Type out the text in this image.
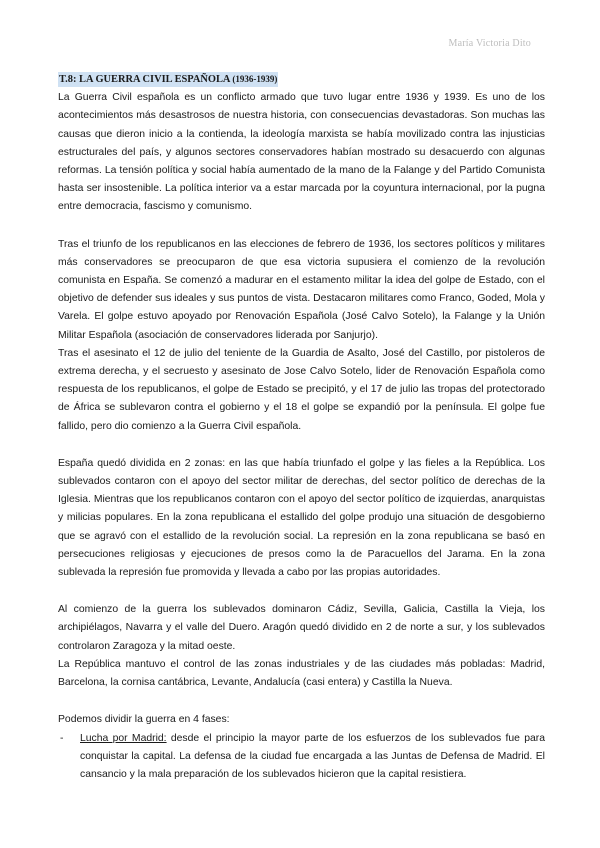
María Victoria Dito
T.8: LA GUERRA CIVIL ESPAÑOLA (1936-1939)

La Guerra Civil española es un conflicto armado que tuvo lugar entre 1936 y 1939. Es uno de los acontecimientos más desastrosos de nuestra historia, con consecuencias devastadoras. Son muchas las causas que dieron inicio a la contienda, la ideología marxista se había movilizado contra las injusticias estructurales del país, y algunos sectores conservadores habían mostrado su desacuerdo con algunas reformas. La tensión política y social había aumentado de la mano de la Falange y del Partido Comunista hasta ser insostenible. La política interior va a estar marcada por la coyuntura internacional, por la pugna entre democracia, fascismo y comunismo.

Tras el triunfo de los republicanos en las elecciones de febrero de 1936, los sectores políticos y militares más conservadores se preocuparon de que esa victoria supusiera el comienzo de la revolución comunista en España. Se comenzó a madurar en el estamento militar la idea del golpe de Estado, con el objetivo de defender sus ideales y sus puntos de vista. Destacaron militares como Franco, Goded, Mola y Varela. El golpe estuvo apoyado por Renovación Española (José Calvo Sotelo), la Falange y la Unión Militar Española (asociación de conservadores liderada por Sanjurjo).

Tras el asesinato el 12 de julio del teniente de la Guardia de Asalto, José del Castillo, por pistoleros de extrema derecha, y el secruesto y asesinato de Jose Calvo Sotelo, lider de Renovación Española como respuesta de los republicanos, el golpe de Estado se precipitó, y el 17 de julio las tropas del protectorado de África se sublevaron contra el gobierno y el 18 el golpe se expandió por la península. El golpe fue fallido, pero dio comienzo a la Guerra Civil española.

España quedó dividida en 2 zonas: en las que había triunfado el golpe y las fieles a la República. Los sublevados contaron con el apoyo del sector militar de derechas, del sector político de derechas de la Iglesia. Mientras que los republicanos contaron con el apoyo del sector político de izquierdas, anarquistas y milicias populares. En la zona republicana el estallido del golpe produjo una situación de desgobierno que se agravó con el estallido de la revolución social. La represión en la zona republicana se basó en persecuciones religiosas y ejecuciones de presos como la de Paracuellos del Jarama. En la zona sublevada la represión fue promovida y llevada a cabo por las propias autoridades.

Al comienzo de la guerra los sublevados dominaron Cádiz, Sevilla, Galicia, Castilla la Vieja, los archipiélagos, Navarra y el valle del Duero. Aragón quedó dividido en 2 de norte a sur, y los sublevados controlaron Zaragoza y la mitad oeste.

La República mantuvo el control de las zonas industriales y de las ciudades más pobladas: Madrid, Barcelona, la cornisa cantábrica, Levante, Andalucía (casi entera) y Castilla la Nueva.

Podemos dividir la guerra en 4 fases:

- Lucha por Madrid: desde el principio la mayor parte de los esfuerzos de los sublevados fue para conquistar la capital. La defensa de la ciudad fue encargada a las Juntas de Defensa de Madrid. El cansancio y la mala preparación de los sublevados hicieron que la capital resistiera.
